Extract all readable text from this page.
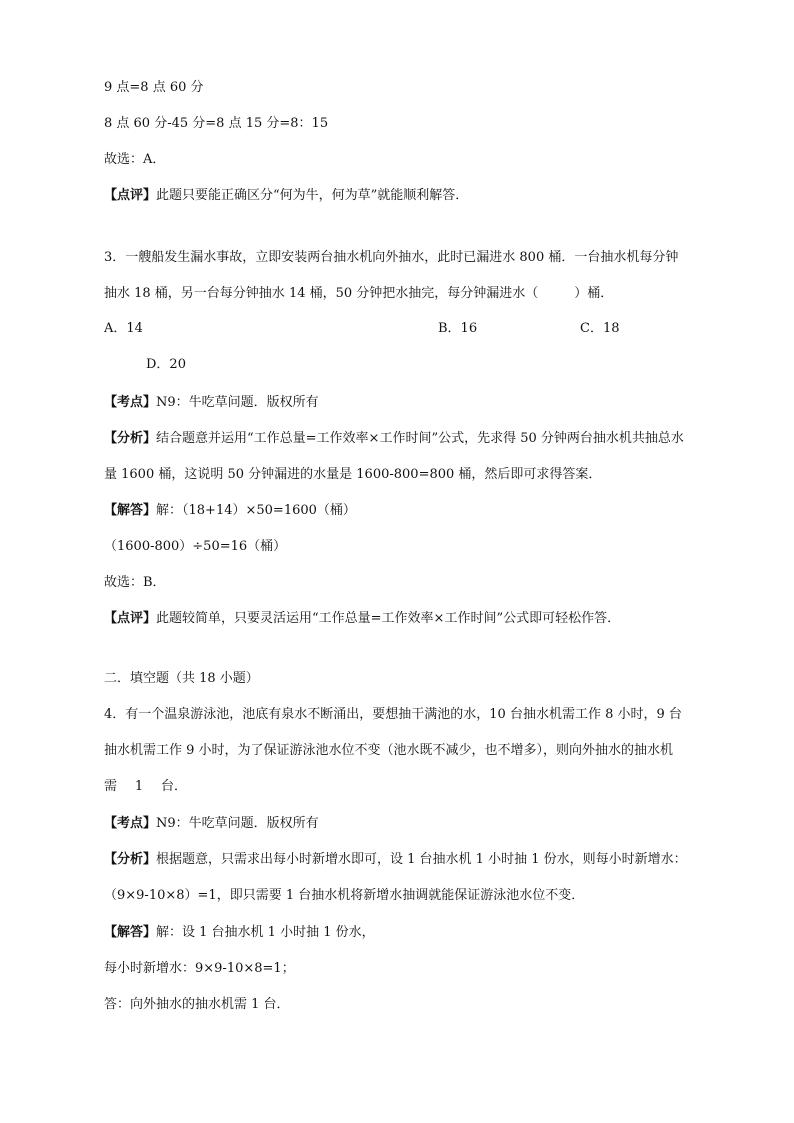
9 点=8 点 60 分
8 点 60 分-45 分=8 点 15 分=8：15
故选：A．
【点评】此题只要能正确区分“何为牛，何为草”就能顺利解答．
3．一艘船发生漏水事故，立即安装两台抽水机向外抽水，此时已漏进水 800 桶．一台抽水机每分钟
抽水 18 桶，另一台每分钟抽水 14 桶，50 分钟把水抽完，每分钟漏进水（	）桶．
A．14	B．16	C．18
D．20
【考点】N9：牛吃草问题．版权所有
【分析】结合题意并运用“工作总量=工作效率×工作时间”公式，先求得 50 分钟两台抽水机共抽总水
量 1600 桶，这说明 50 分钟漏进的水量是 1600-800=800 桶，然后即可求得答案．
【解答】解：（18+14）×50=1600（桶）
（1600-800）÷50=16（桶）
故选：B．
【点评】此题较简单，只要灵活运用“工作总量=工作效率×工作时间”公式即可轻松作答．
二．填空题（共 18 小题）
4．有一个温泉游泳池，池底有泉水不断涌出，要想抽干满池的水，10 台抽水机需工作 8 小时，9 台
抽水机需工作 9 小时，为了保证游泳池水位不变（池水既不减少，也不增多），则向外抽水的抽水机
需 1 台．
【考点】N9：牛吃草问题．版权所有
【分析】根据题意，只需求出每小时新增水即可，设 1 台抽水机 1 小时抽 1 份水，则每小时新增水：
（9×9-10×8）=1，即只需要 1 台抽水机将新增水抽调就能保证游泳池水位不变．
【解答】解：设 1 台抽水机 1 小时抽 1 份水，
每小时新增水：9×9-10×8=1；
答：向外抽水的抽水机需 1 台．
